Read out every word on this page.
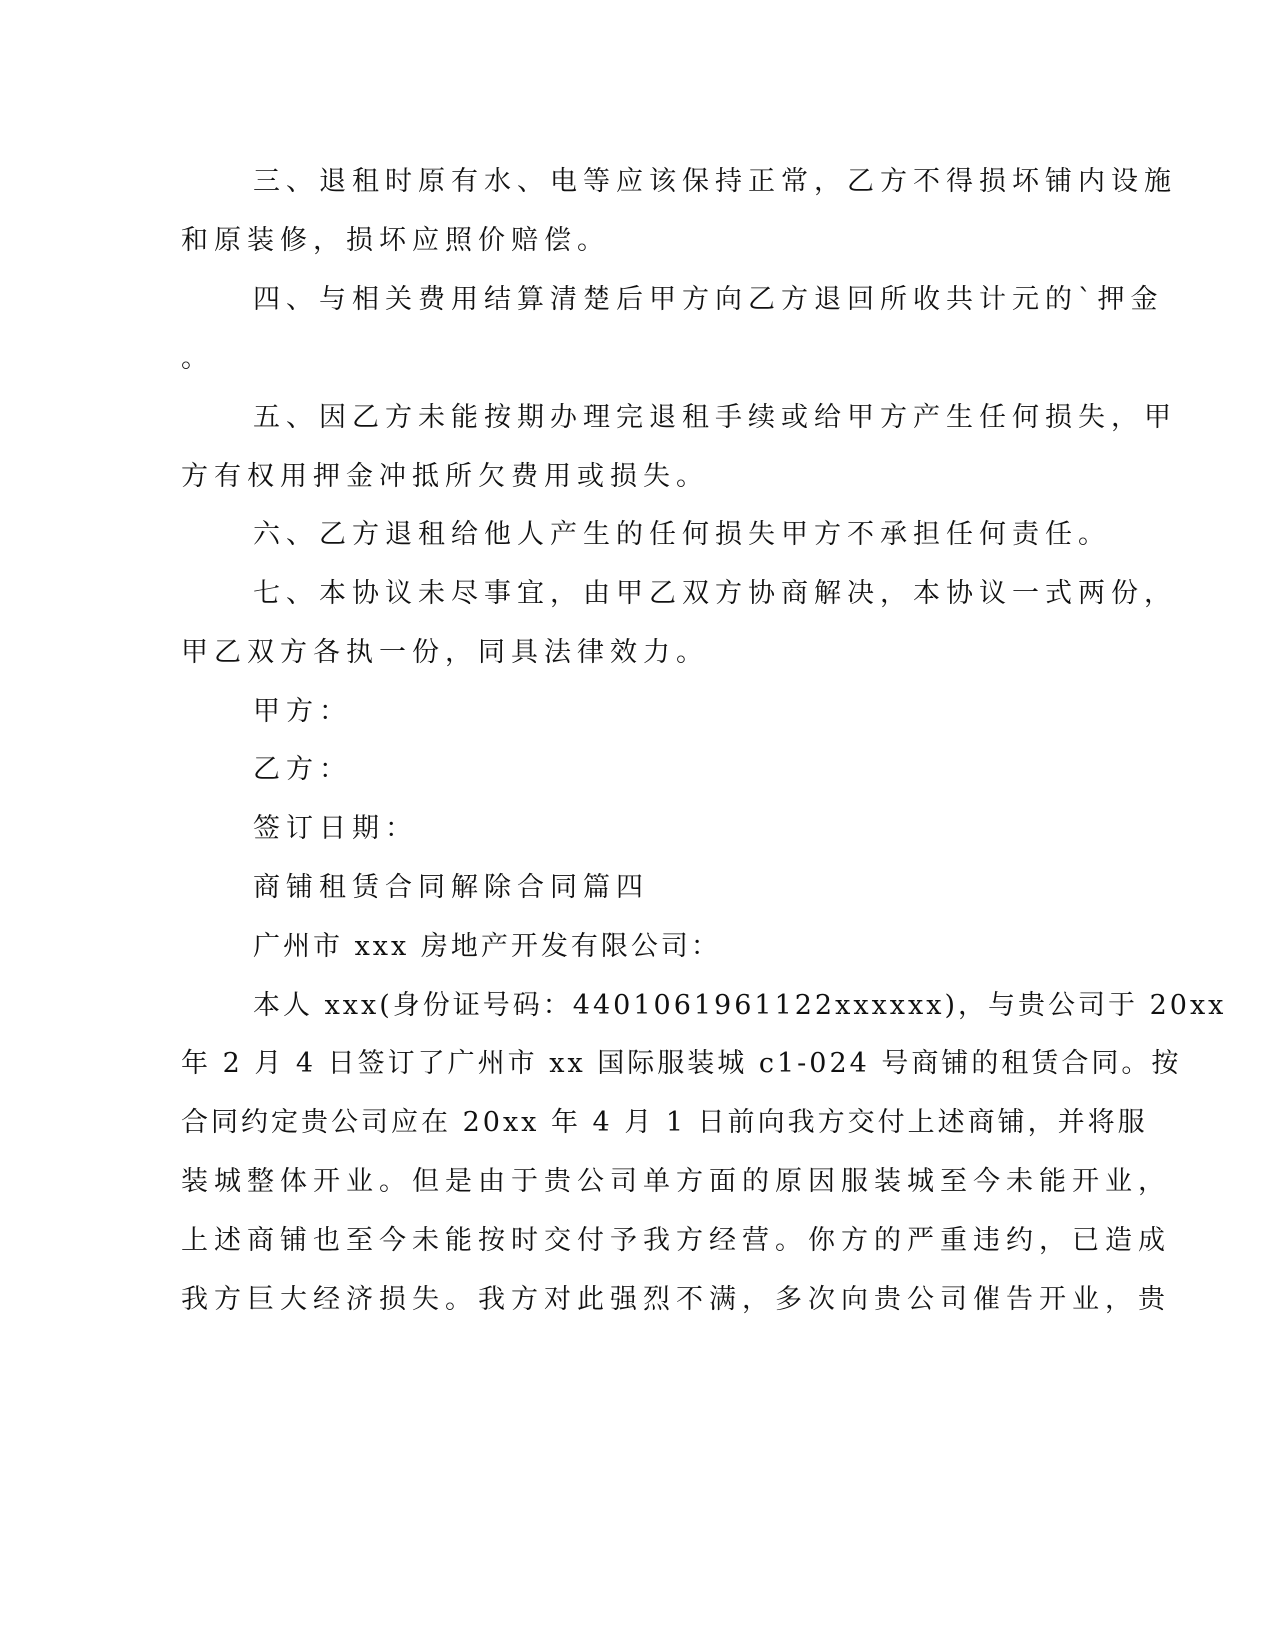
三、退租时原有水、电等应该保持正常，乙方不得损坏铺内设施
和原装修，损坏应照价赔偿。
四、与相关费用结算清楚后甲方向乙方退回所收共计元的`押金
。
五、因乙方未能按期办理完退租手续或给甲方产生任何损失，甲
方有权用押金冲抵所欠费用或损失。
六、乙方退租给他人产生的任何损失甲方不承担任何责任。
七、本协议未尽事宜，由甲乙双方协商解决，本协议一式两份，
甲乙双方各执一份，同具法律效力。
甲方：
乙方：
签订日期：
商铺租赁合同解除合同篇四
广州市 xxx 房地产开发有限公司：
本人 xxx(身份证号码：4401061961122xxxxxx)，与贵公司于 20xx
年 2 月 4 日签订了广州市 xx 国际服装城 c1-024 号商铺的租赁合同。按
合同约定贵公司应在 20xx 年 4 月 1 日前向我方交付上述商铺，并将服
装城整体开业。但是由于贵公司单方面的原因服装城至今未能开业，
上述商铺也至今未能按时交付予我方经营。你方的严重违约，已造成
我方巨大经济损失。我方对此强烈不满，多次向贵公司催告开业，贵
